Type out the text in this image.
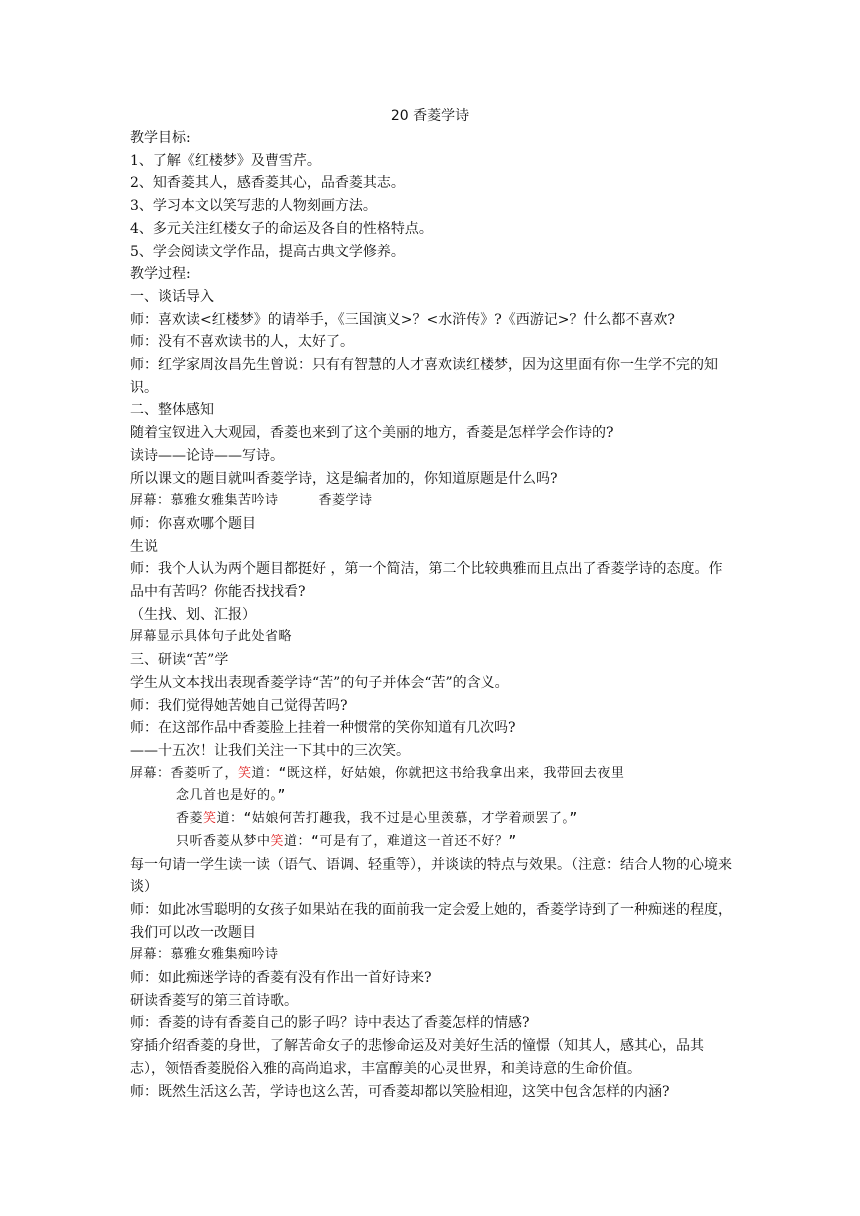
20 香菱学诗

教学目标:

1、了解《红楼梦》及曹雪芹。

2、知香菱其人，感香菱其心，品香菱其志。

3、学习本文以笑写悲的人物刻画方法。

4、多元关注红楼女子的命运及各自的性格特点。

5、学会阅读文学作品，提高古典文学修养。

教学过程:

一、谈话导入

师：喜欢读<红楼梦》的请举手，《三国演义>？<水浒传》?《西游记>？什么都不喜欢?

师：没有不喜欢读书的人，太好了。

师：红学家周汝昌先生曾说：只有有智慧的人才喜欢读红楼梦，因为这里面有你一生学不完的知识。

二、整体感知

随着宝钗进入大观园，香菱也来到了这个美丽的地方，香菱是怎样学会作诗的?

读诗——论诗——写诗。

所以课文的题目就叫香菱学诗，这是编者加的，你知道原题是什么吗?

屏幕：慕雅女雅集苦吟诗	香菱学诗

师：你喜欢哪个题目

生说

师：我个人认为两个题目都挺好 ，第一个简洁，第二个比较典雅而且点出了香菱学诗的态度。作品中有苦吗？你能否找找看?

（生找、划、汇报）

屏幕显示具体句子此处省略

三、研读“苦”学

学生从文本找出表现香菱学诗“苦”的句子并体会“苦”的含义。

师：我们觉得她苦她自己觉得苦吗?

师：在这部作品中香菱脸上挂着一种惯常的笑你知道有几次吗?

——十五次！让我们关注一下其中的三次笑。

屏幕：香菱听了，笑道：“既这样，好姑娘，你就把这书给我拿出来，我带回去夜里

念几首也是好的。”

香菱笑道：“姑娘何苦打趣我，我不过是心里羡慕，才学着顽罢了。”

只听香菱从梦中笑道：“可是有了，难道这一首还不好？”

每一句请一学生读一读（语气、语调、轻重等），并谈读的特点与效果。（注意：结合人物的心境来谈）

师：如此冰雪聪明的女孩子如果站在我的面前我一定会爱上她的，香菱学诗到了一种痴迷的程度，我们可以改一改题目

屏幕：慕雅女雅集痴吟诗

师：如此痴迷学诗的香菱有没有作出一首好诗来?

研读香菱写的第三首诗歌。

师：香菱的诗有香菱自己的影子吗？诗中表达了香菱怎样的情感?

穿插介绍香菱的身世，了解苦命女子的悲惨命运及对美好生活的憧憬（知其人，感其心，品其志），领悟香菱脱俗入雅的高尚追求，丰富醇美的心灵世界，和美诗意的生命价值。

师：既然生活这么苦，学诗也这么苦，可香菱却都以笑脸相迎，这笑中包含怎样的内涵?
